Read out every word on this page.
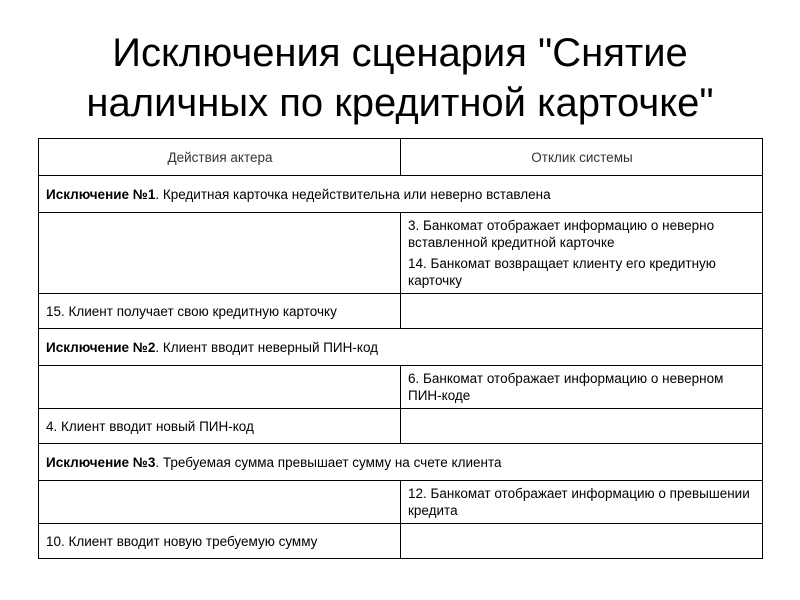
Исключения сценария "Снятие
наличных по кредитной карточке"
Действия актера	Отклик системы
Исключение №1. Кредитная карточка недействительна или неверно вставлена	

	3. Банкомат отображает информацию о неверно вставленной кредитной карточке
14. Банкомат возвращает клиенту его кредитную карточку

15. Клиент получает свою кредитную карточку	
Исключение №2. Клиент вводит неверный ПИН-код	

	6. Банкомат отображает информацию о неверном ПИН-коде

4. Клиент вводит новый ПИН-код	
Исключение №3. Требуемая сумма превышает сумму на счете клиента	

	12. Банкомат отображает информацию о превышении кредита

10. Клиент вводит новую требуемую сумму	
